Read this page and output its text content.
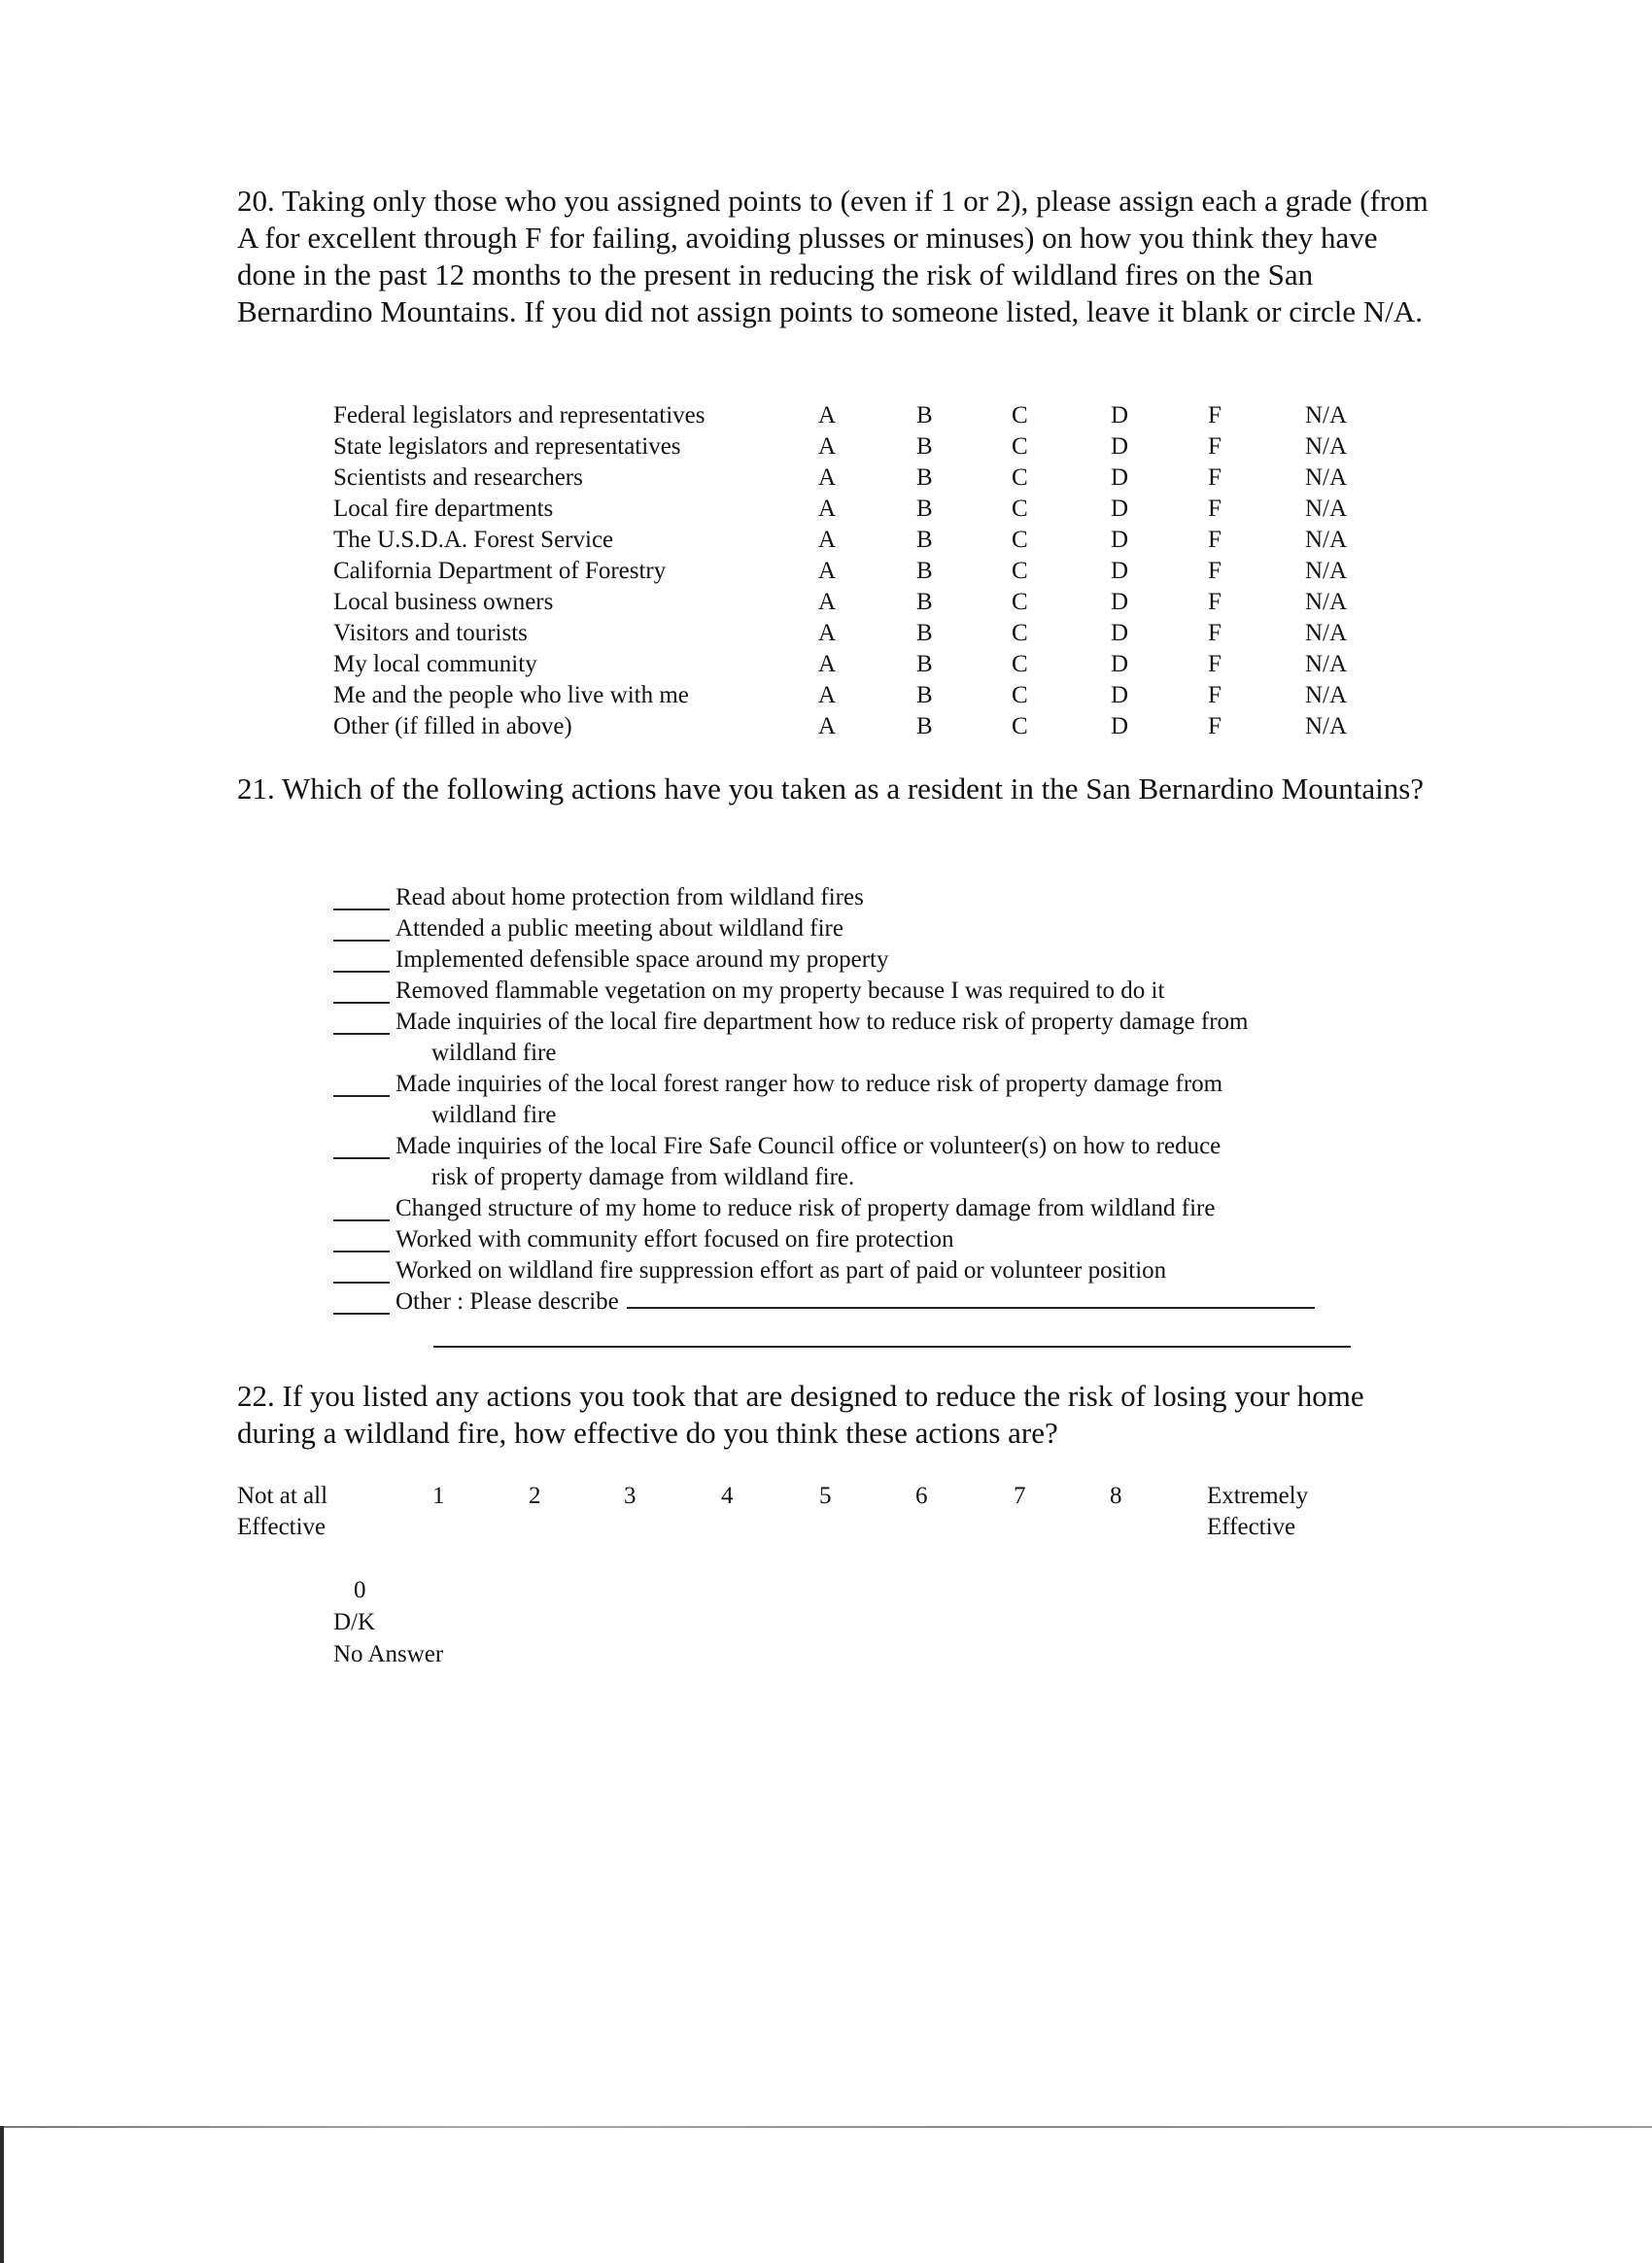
20. Taking only those who you assigned points to (even if 1 or 2), please assign each a grade (from A for excellent through F for failing, avoiding plusses or minuses) on how you think they have done in the past 12 months to the present in reducing the risk of wildland fires on the San Bernardino Mountains. If you did not assign points to someone listed, leave it blank or circle N/A.

Federal legislators and representatives	A	B	C	D	F	N/A
State legislators and representatives	A	B	C	D	F	N/A
Scientists and researchers	A	B	C	D	F	N/A
Local fire departments	A	B	C	D	F	N/A
The U.S.D.A. Forest Service	A	B	C	D	F	N/A
California Department of Forestry	A	B	C	D	F	N/A
Local business owners	A	B	C	D	F	N/A
Visitors and tourists	A	B	C	D	F	N/A
My local community	A	B	C	D	F	N/A
Me and the people who live with me	A	B	C	D	F	N/A
Other (if filled in above)	A	B	C	D	F	N/A

21. Which of the following actions have you taken as a resident in the San Bernardino Mountains?

Read about home protection from wildland fires
Attended a public meeting about wildland fire
Implemented defensible space around my property
Removed flammable vegetation on my property because I was required to do it
Made inquiries of the local fire department how to reduce risk of property damage from
wildland fire
Made inquiries of the local forest ranger how to reduce risk of property damage from
wildland fire
Made inquiries of the local Fire Safe Council office or volunteer(s) on how to reduce
risk of property damage from wildland fire.
Changed structure of my home to reduce risk of property damage from wildland fire
Worked with community effort focused on fire protection
Worked on wildland fire suppression effort as part of paid or volunteer position
Other : Please describe

22. If you listed any actions you took that are designed to reduce the risk of losing your home during a wildland fire, how effective do you think these actions are?

Not at all
Effective
1	2	3	4	5	6	7	8	Extremely
Effective
0
D/K
No Answer
